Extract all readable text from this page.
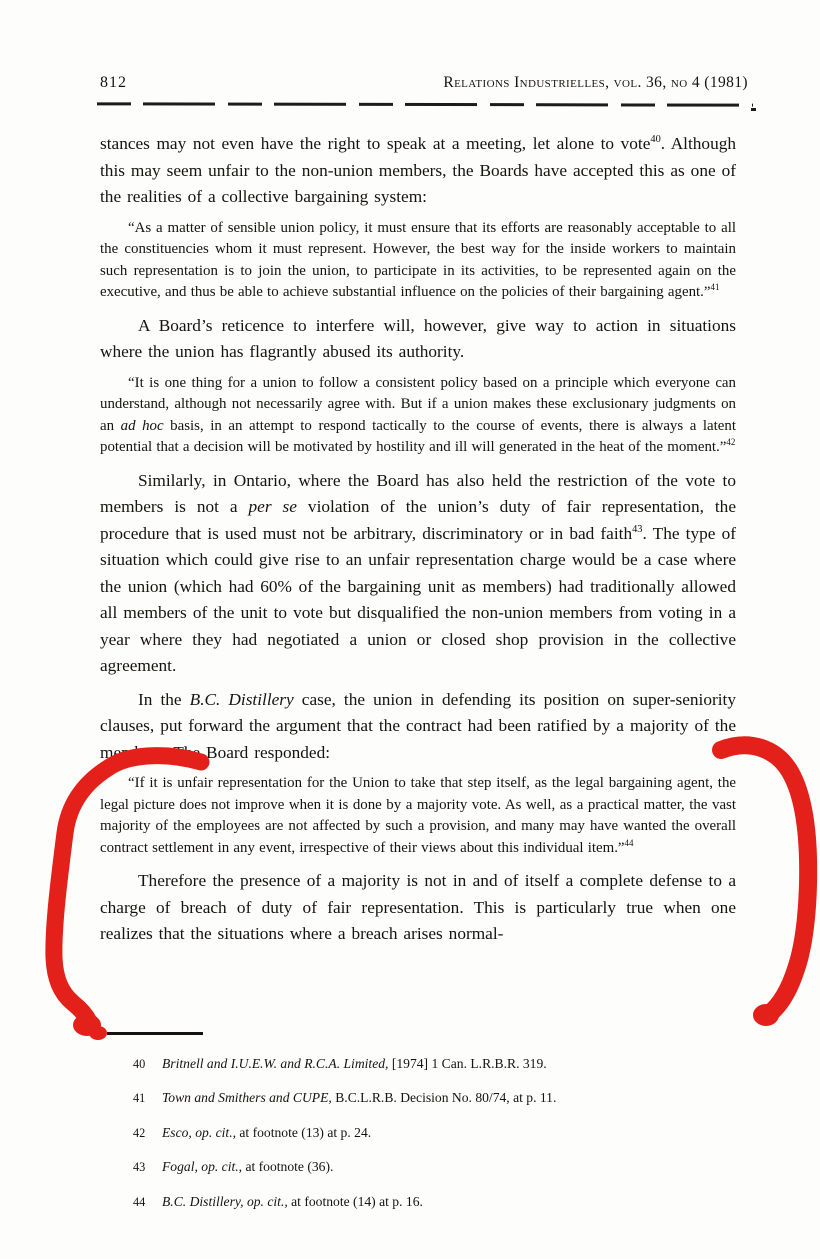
812	Relations Industrielles, vol. 36, no 4 (1981)

stances may not even have the right to speak at a meeting, let alone to vote$^{40}$. Although this may seem unfair to the non-union members, the Boards have accepted this as one of the realities of a collective bargaining system:

“As a matter of sensible union policy, it must ensure that its efforts are reasonably acceptable to all the constituencies whom it must represent. However, the best way for the inside workers to maintain such representation is to join the union, to participate in its activities, to be represented again on the executive, and thus be able to achieve substantial influence on the policies of their bargaining agent.”$^{41}$

A Board’s reticence to interfere will, however, give way to action in situations where the union has flagrantly abused its authority.

“It is one thing for a union to follow a consistent policy based on a principle which everyone can understand, although not necessarily agree with. But if a union makes these exclusionary judgments on an ad hoc basis, in an attempt to respond tactically to the course of events, there is always a latent potential that a decision will be motivated by hostility and ill will generated in the heat of the moment.”$^{42}$

Similarly, in Ontario, where the Board has also held the restriction of the vote to members is not a per se violation of the union’s duty of fair representation, the procedure that is used must not be arbitrary, discriminatory or in bad faith$^{43}$. The type of situation which could give rise to an unfair representation charge would be a case where the union (which had 60% of the bargaining unit as members) had traditionally allowed all members of the unit to vote but disqualified the non-union members from voting in a year where they had negotiated a union or closed shop provision in the collective agreement.

In the B.C. Distillery case, the union in defending its position on super-seniority clauses, put forward the argument that the contract had been ratified by a majority of the members. The Board responded:

“If it is unfair representation for the Union to take that step itself, as the legal bargaining agent, the legal picture does not improve when it is done by a majority vote. As well, as a practical matter, the vast majority of the employees are not affected by such a provision, and many may have wanted the overall contract settlement in any event, irrespective of their views about this individual item.”$^{44}$

Therefore the presence of a majority is not in and of itself a complete defense to a charge of breach of duty of fair representation. This is particularly true when one realizes that the situations where a breach arises normal-

40 Britnell and I.U.E.W. and R.C.A. Limited, [1974] 1 Can. L.R.B.R. 319.

41 Town and Smithers and CUPE, B.C.L.R.B. Decision No. 80/74, at p. 11.

42 Esco, op. cit., at footnote (13) at p. 24.

43 Fogal, op. cit., at footnote (36).

44 B.C. Distillery, op. cit., at footnote (14) at p. 16.
